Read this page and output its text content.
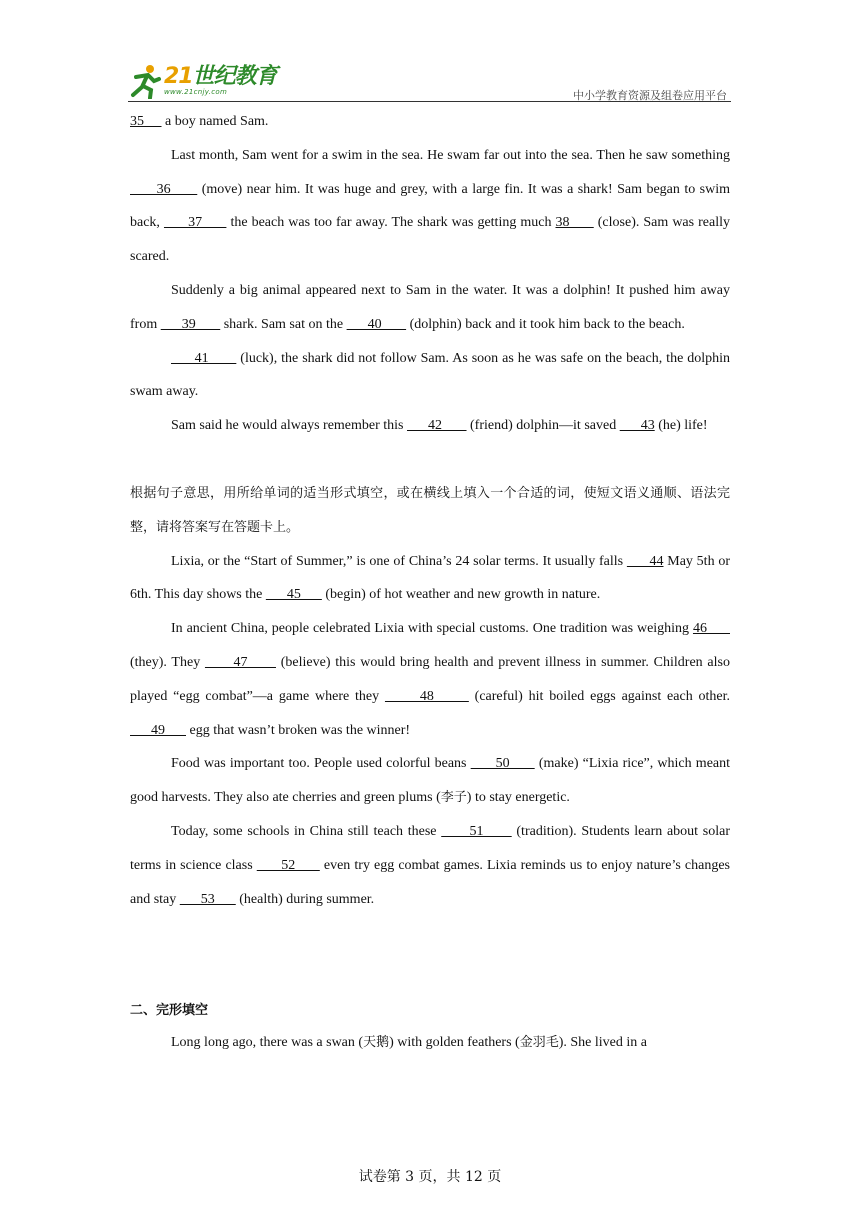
21世纪教育
www.21cnjy.com	中小学教育资源及组卷应用平台

35      a boy named Sam.

Last month, Sam went for a swim in the sea. He swam far out into the sea. Then he saw something       36       (move) near him. It was huge and grey, with a large fin. It was a shark! Sam began to swim back,       37       the beach was too far away. The shark was getting much 38       (close). Sam was really scared.

Suddenly a big animal appeared next to Sam in the water. It was a dolphin! It pushed him away from       39        shark. Sam sat on the       40        (dolphin) back and it took him back to the beach.

41        (luck), the shark did not follow Sam. As soon as he was safe on the beach, the dolphin swam away.

Sam said he would always remember this       42        (friend) dolphin—it saved       43 (he) life!

根据句子意思，用所给单词的适当形式填空，或在横线上填入一个合适的词，使短文语义通顺、语法完整，请将答案写在答题卡上。

Lixia, or the “Start of Summer,” is one of China’s 24 solar terms. It usually falls       44 May 5th or 6th. This day shows the       45       (begin) of hot weather and new growth in nature.

In ancient China, people celebrated Lixia with special customs. One tradition was weighing 46       (they). They       47       (believe) this would bring health and prevent illness in summer. Children also played “egg combat”—a game where they       48       (careful) hit boiled eggs against each other.       49       egg that wasn’t broken was the winner!

Food was important too. People used colorful beans       50       (make) “Lixia rice”, which meant good harvests. They also ate cherries and green plums (李子) to stay energetic.

Today, some schools in China still teach these       51       (tradition). Students learn about solar terms in science class       52       even try egg combat games. Lixia reminds us to enjoy nature’s changes and stay       53       (health) during summer.

二、完形填空

Long long ago, there was a swan (天鹅) with golden feathers (金羽毛). She lived in a

试卷第 3 页，共 12 页
